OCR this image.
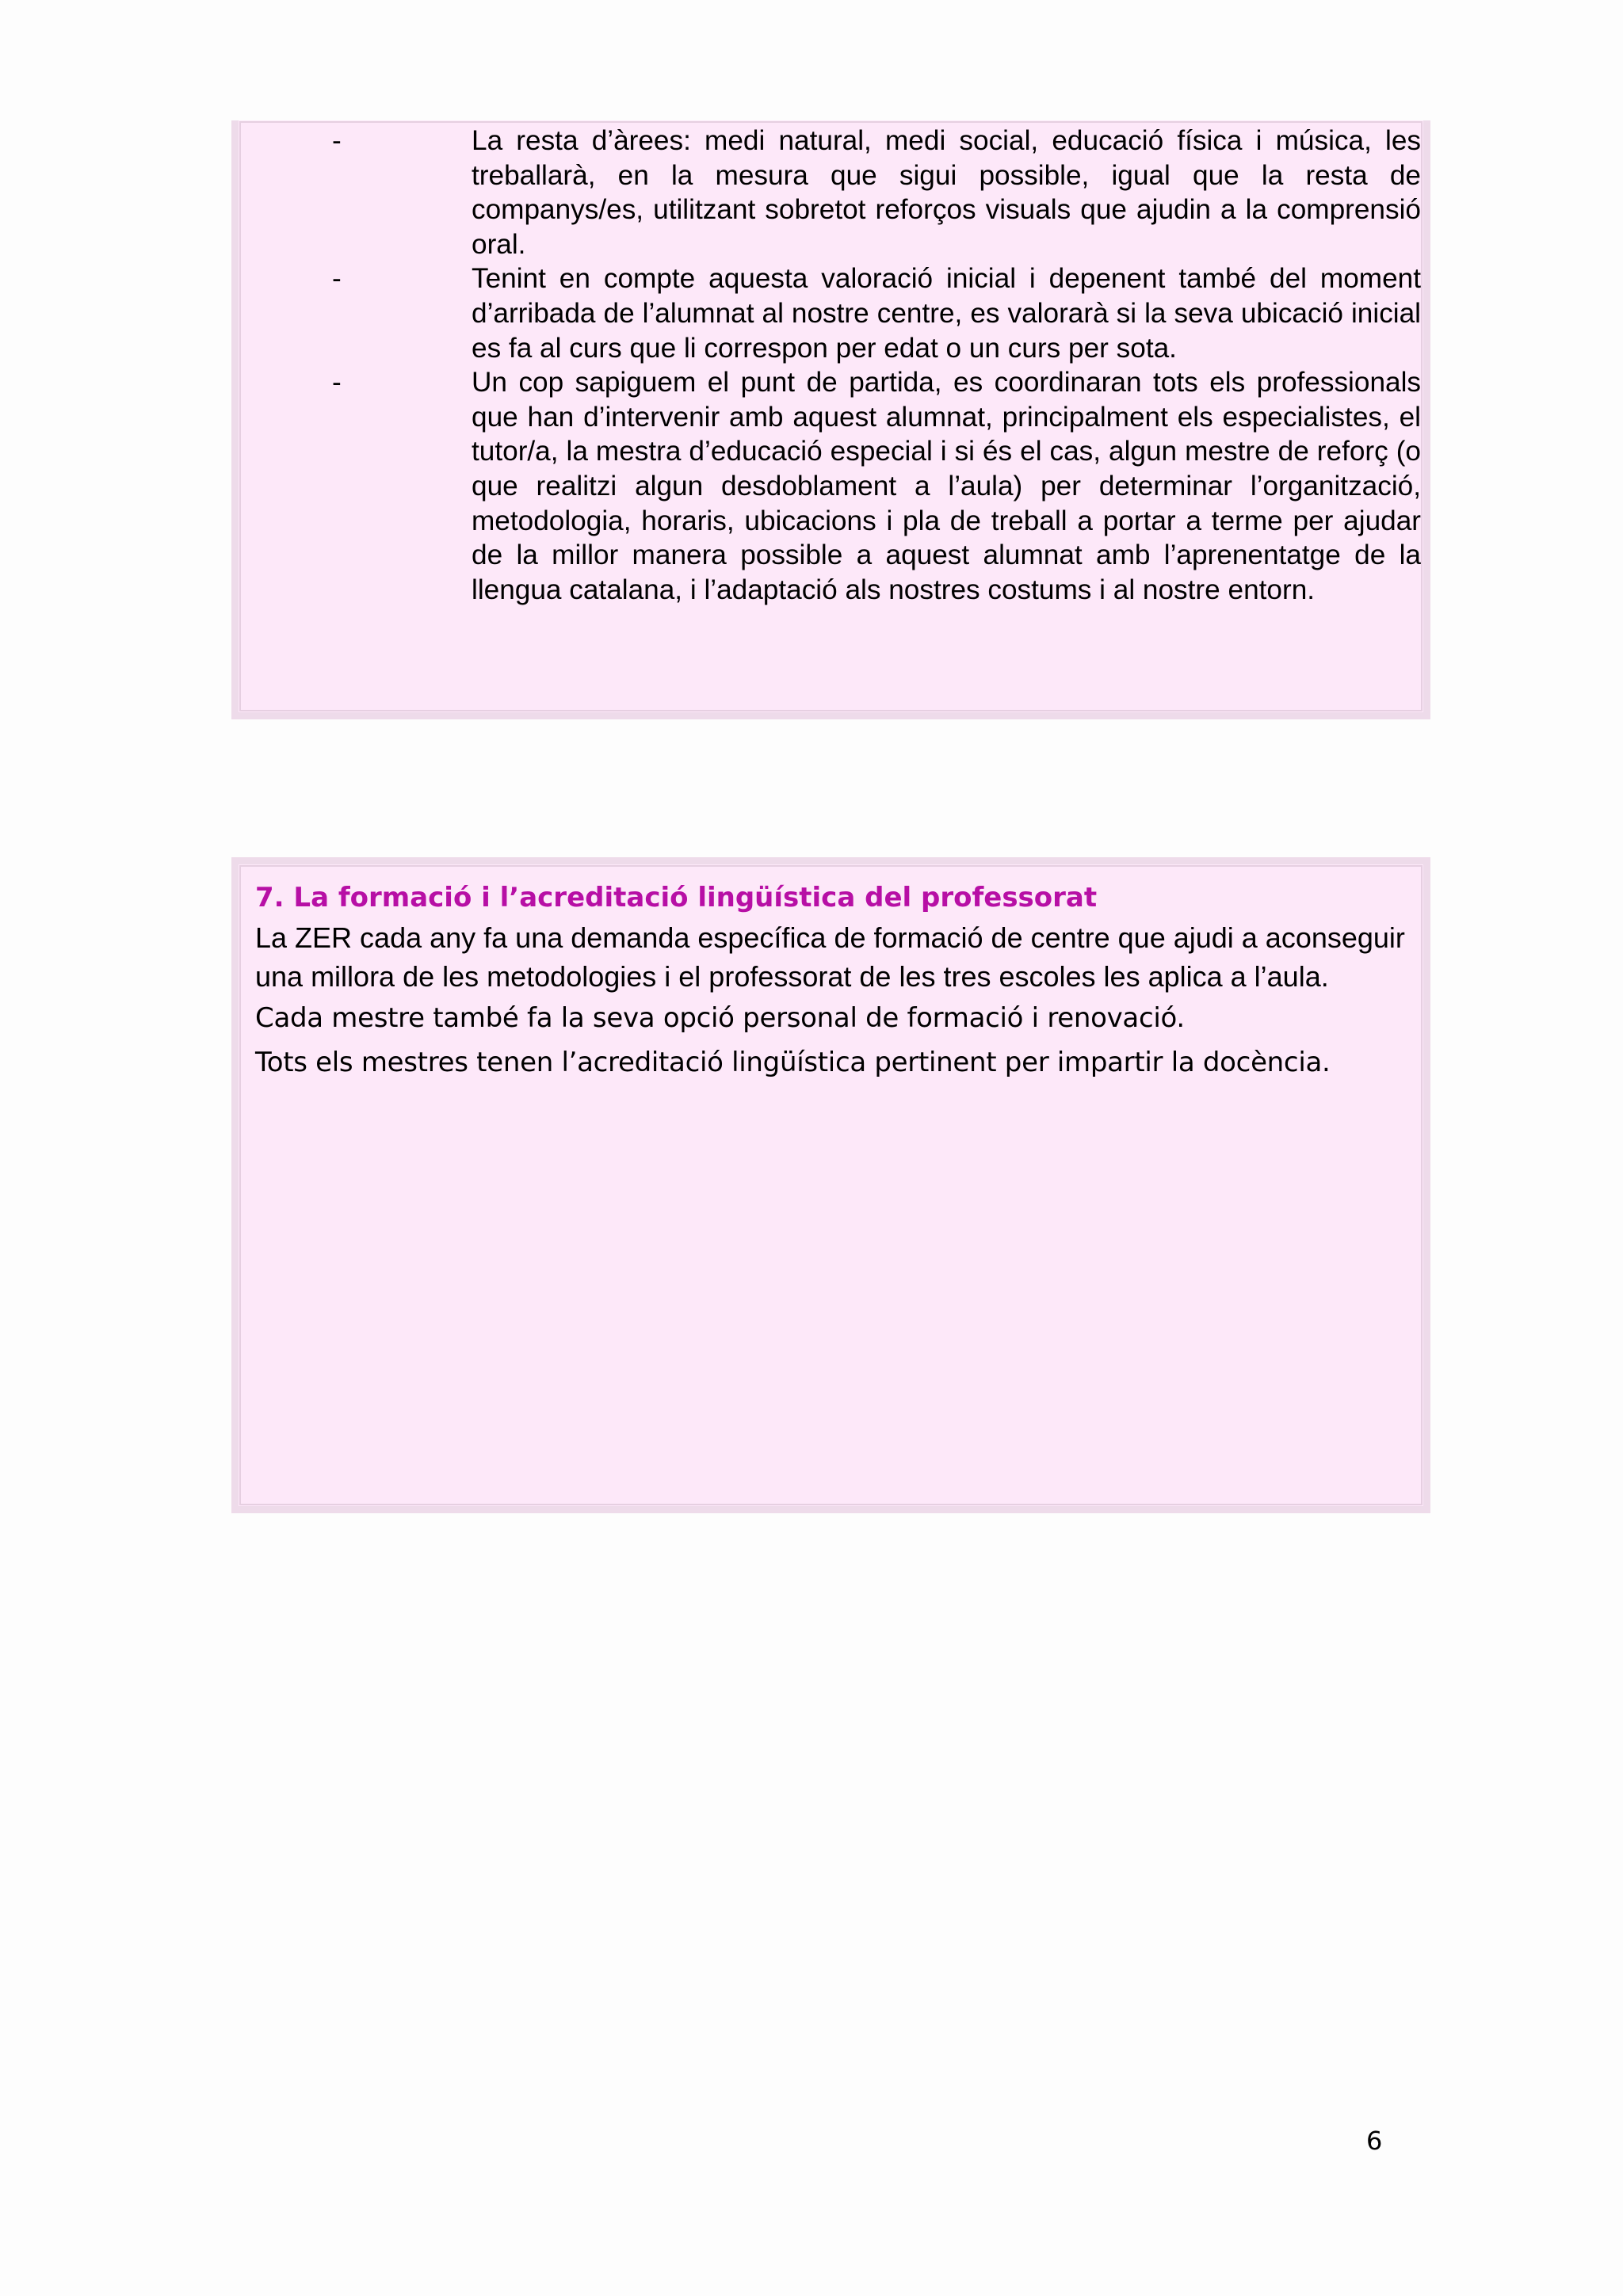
-	La resta d’àrees: medi natural, medi social, educació física i música, les treballarà, en la mesura que sigui possible, igual que la resta de companys/es, utilitzant sobretot reforços visuals que ajudin a la comprensió oral.
-	Tenint en compte aquesta valoració inicial i depenent també del moment d’arribada de l’alumnat al nostre centre, es valorarà si la seva ubicació inicial es fa al curs que li correspon per edat o un curs per sota.
-	Un cop sapiguem el punt de partida, es coordinaran tots els professionals que han d’intervenir amb aquest alumnat, principalment els especialistes, el tutor/a, la mestra d’educació especial i si és el cas, algun mestre de reforç (o que realitzi algun desdoblament a l’aula) per determinar l’organització, metodologia, horaris, ubicacions i pla de treball a portar a terme per ajudar de la millor manera possible a aquest alumnat amb l’aprenentatge de la llengua catalana, i l’adaptació als nostres costums i al nostre entorn.

7. La formació i l’acreditació lingüística del professorat

La ZER cada any fa una demanda específica de formació de centre que ajudi a aconseguir una millora de les metodologies i el professorat de les tres escoles les aplica a l’aula.

Cada mestre també fa la seva opció personal de formació i renovació.

Tots els mestres tenen l’acreditació lingüística pertinent per impartir la docència.

6
